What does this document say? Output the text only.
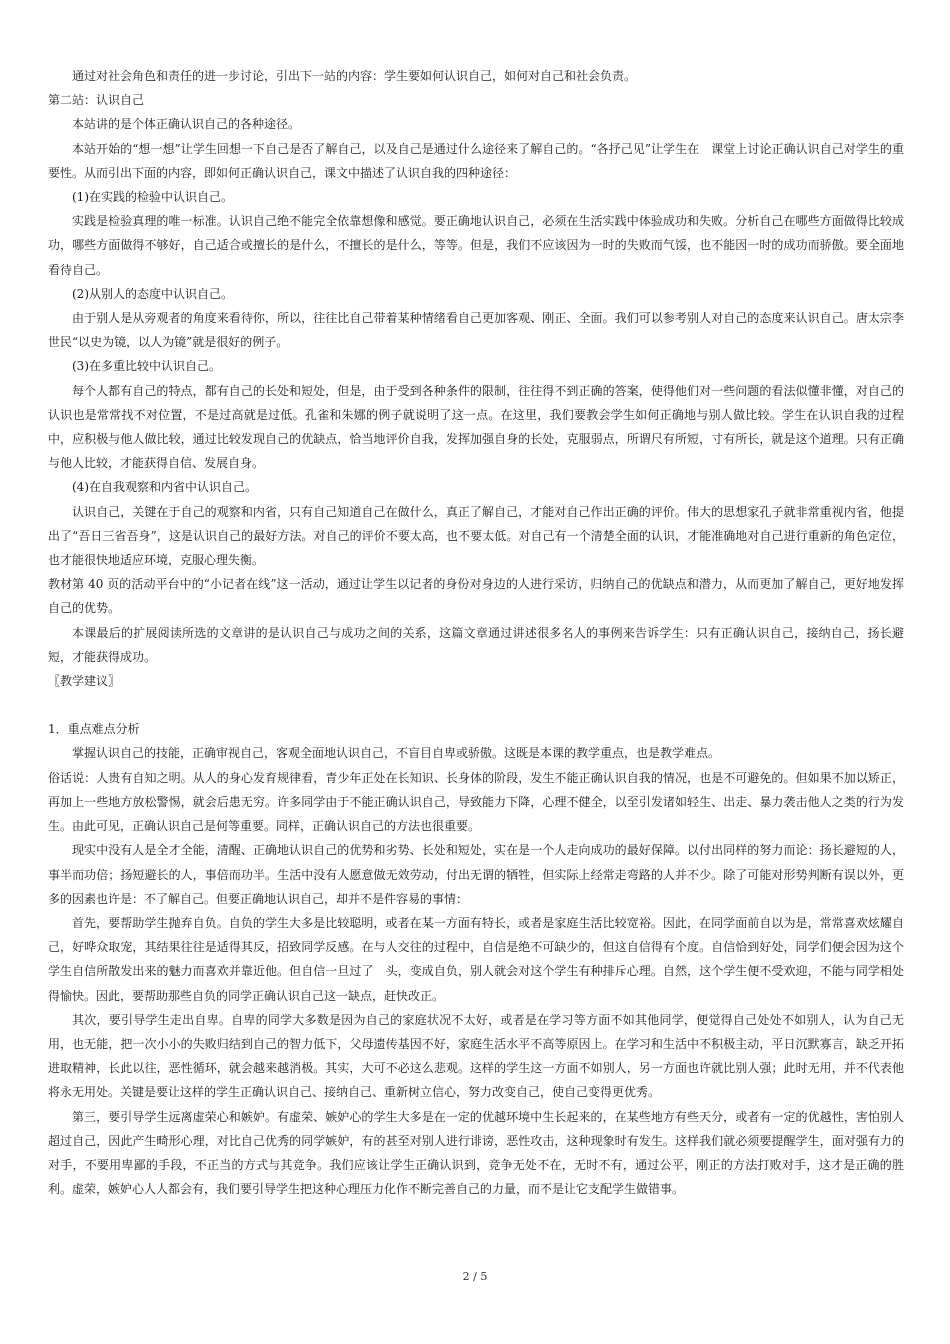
通过对社会角色和责任的进一步讨论，引出下一站的内容：学生要如何认识自己，如何对自己和社会负责。

第二站：认识自己

本站讲的是个体正确认识自己的各种途径。

本站开始的“想一想”让学生回想一下自己是否了解自己，以及自己是通过什么途径来了解自己的。“各抒己见”让学生在　课堂上讨论正确认识自己对学生的重要性。从而引出下面的内容，即如何正确认识自己，课文中描述了认识自我的四种途径：

(1)在实践的检验中认识自己。

实践是检验真理的唯一标准。认识自己绝不能完全依靠想像和感觉。要正确地认识自己，必须在生活实践中体验成功和失败。分析自己在哪些方面做得比较成功，哪些方面做得不够好，自己适合或擅长的是什么，不擅长的是什么，等等。但是，我们不应该因为一时的失败而气馁，也不能因一时的成功而骄傲。要全面地看待自己。

(2)从别人的态度中认识自己。

由于别人是从旁观者的角度来看待你，所以，往往比自己带着某种情绪看自己更加客观、刚正、全面。我们可以参考别人对自己的态度来认识自己。唐太宗李世民“以史为镜，以人为镜”就是很好的例子。

(3)在多重比较中认识自己。

每个人都有自己的特点，都有自己的长处和短处，但是，由于受到各种条件的限制，往往得不到正确的答案，使得他们对一些问题的看法似懂非懂，对自己的认识也是常常找不对位置，不是过高就是过低。孔雀和朱娜的例子就说明了这一点。在这里，我们要教会学生如何正确地与别人做比较。学生在认识自我的过程中，应积极与他人做比较，通过比较发现自己的优缺点，恰当地评价自我，发挥加强自身的长处，克服弱点，所谓尺有所短，寸有所长，就是这个道理。只有正确与他人比较，才能获得自信、发展自身。

(4)在自我观察和内省中认识自己。

认识自己，关键在于自己的观察和内省，只有自己知道自己在做什么，真正了解自己，才能对自己作出正确的评价。伟大的思想家孔子就非常重视内省，他提出了“吾日三省吾身”，这是认识自己的最好方法。对自己的评价不要太高，也不要太低。对自己有一个清楚全面的认识，才能准确地对自己进行重新的角色定位，也才能很快地适应环境，克服心理失衡。

教材第 40 页的活动平台中的“小记者在线”这一活动，通过让学生以记者的身份对身边的人进行采访，归纳自己的优缺点和潜力，从而更加了解自己，更好地发挥自己的优势。

本课最后的扩展阅读所选的文章讲的是认识自己与成功之间的关系，这篇文章通过讲述很多名人的事例来告诉学生：只有正确认识自己，接纳自己，扬长避短，才能获得成功。

〖教学建议〗

1．重点难点分析

掌握认识自己的技能，正确审视自己，客观全面地认识自己，不盲目自卑或骄傲。这既是本课的教学重点，也是教学难点。

俗话说：人贵有自知之明。从人的身心发育规律看，青少年正处在长知识、长身体的阶段，发生不能正确认识自我的情况，也是不可避免的。但如果不加以矫正，再加上一些地方放松警惕，就会后患无穷。许多同学由于不能正确认识自己，导致能力下降，心理不健全，以至引发诸如轻生、出走、暴力袭击他人之类的行为发生。由此可见，正确认识自己是何等重要。同样，正确认识自己的方法也很重要。

现实中没有人是全才全能，清醒、正确地认识自己的优势和劣势、长处和短处，实在是一个人走向成功的最好保障。以付出同样的努力而论：扬长避短的人，事半而功倍；扬短避长的人，事倍而功半。生活中没有人愿意做无效劳动，付出无谓的牺牲，但实际上经常走弯路的人并不少。除了可能对形势判断有误以外，更多的因素也许是：不了解自己。但要正确地认识自己，却并不是件容易的事情：

首先，要帮助学生抛弃自负。自负的学生大多是比较聪明，或者在某一方面有特长，或者是家庭生活比较宽裕。因此，在同学面前自以为是，常常喜欢炫耀自己，好哗众取宠，其结果往往是适得其反，招致同学反感。在与人交往的过程中，自信是绝不可缺少的，但这自信得有个度。自信恰到好处，同学们便会因为这个学生自信所散发出来的魅力而喜欢并靠近他。但自信一旦过了　头，变成自负，别人就会对这个学生有种排斥心理。自然，这个学生便不受欢迎，不能与同学相处得愉快。因此，要帮助那些自负的同学正确认识自己这一缺点，赶快改正。

其次，要引导学生走出自卑。自卑的同学大多数是因为自己的家庭状况不太好，或者是在学习等方面不如其他同学，便觉得自己处处不如别人，认为自己无用，也无能，把一次小小的失败归结到自己的智力低下，父母遗传基因不好，家庭生活水平不高等原因上。在学习和生活中不积极主动，平日沉默寡言，缺乏开拓进取精神，长此以往，恶性循环，就会越来越消极。其实，大可不必这么悲观。这样的学生这一方面不如别人，另一方面也许就比别人强；此时无用，并不代表他将永无用处。关键是要让这样的学生正确认识自己、接纳自己、重新树立信心，努力改变自己，使自己变得更优秀。

第三，要引导学生远离虚荣心和嫉妒。有虚荣、嫉妒心的学生大多是在一定的优越环境中生长起来的，在某些地方有些天分，或者有一定的优越性，害怕别人超过自己，因此产生畸形心理，对比自己优秀的同学嫉妒，有的甚至对别人进行诽谤，恶性攻击，这种现象时有发生。这样我们就必须要提醒学生，面对强有力的对手，不要用卑鄙的手段，不正当的方式与其竞争。我们应该让学生正确认识到，竞争无处不在，无时不有，通过公平，刚正的方法打败对手，这才是正确的胜利。虚荣，嫉妒心人人都会有，我们要引导学生把这种心理压力化作不断完善自己的力量，而不是让它支配学生做错事。

2 / 5
